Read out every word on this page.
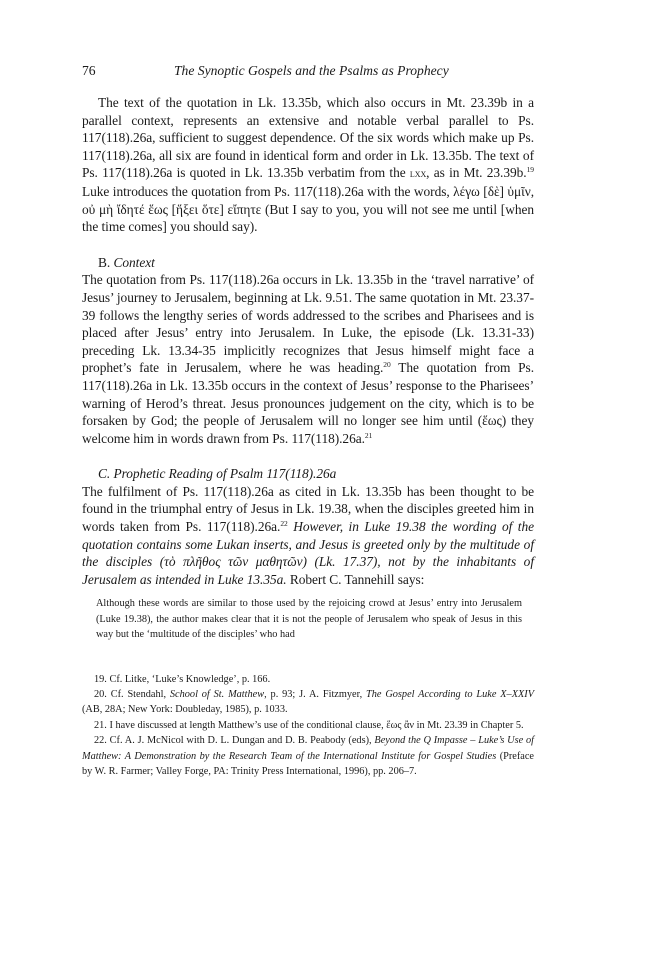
76	The Synoptic Gospels and the Psalms as Prophecy

The text of the quotation in Lk. 13.35b, which also occurs in Mt. 23.39b in a parallel context, represents an extensive and notable verbal parallel to Ps. 117(118).26a, sufficient to suggest dependence. Of the six words which make up Ps. 117(118).26a, all six are found in identical form and order in Lk. 13.35b. The text of Ps. 117(118).26a is quoted in Lk. 13.35b verbatim from the lxx, as in Mt. 23.39b.$^{19}$ Luke introduces the quotation from Ps. 117(118).26a with the words, λέγω [δὲ] ὑμῖν, οὐ μὴ ἴδητέ ἕως [ἥξει ὅτε] εἴπητε (But I say to you, you will not see me until [when the time comes] you should say).

B. Context

The quotation from Ps. 117(118).26a occurs in Lk. 13.35b in the ‘travel narrative’ of Jesus’ journey to Jerusalem, beginning at Lk. 9.51. The same quotation in Mt. 23.37-39 follows the lengthy series of words addressed to the scribes and Pharisees and is placed after Jesus’ entry into Jerusalem. In Luke, the episode (Lk. 13.31-33) preceding Lk. 13.34-35 implicitly recognizes that Jesus himself might face a prophet’s fate in Jerusalem, where he was heading.$^{20}$ The quotation from Ps. 117(118).26a in Lk. 13.35b occurs in the context of Jesus’ response to the Pharisees’ warning of Herod’s threat. Jesus pronounces judgement on the city, which is to be forsaken by God; the people of Jerusalem will no longer see him until (ἕως) they welcome him in words drawn from Ps. 117(118).26a.$^{21}$

C. Prophetic Reading of Psalm 117(118).26a

The fulfilment of Ps. 117(118).26a as cited in Lk. 13.35b has been thought to be found in the triumphal entry of Jesus in Lk. 19.38, when the disciples greeted him in words taken from Ps. 117(118).26a.$^{22}$ However, in Luke 19.38 the wording of the quotation contains some Lukan inserts, and Jesus is greeted only by the multitude of the disciples (τὸ πλῆθος τῶν μαθητῶν) (Lk. 17.37), not by the inhabitants of Jerusalem as intended in Luke 13.35a. Robert C. Tannehill says:

Although these words are similar to those used by the rejoicing crowd at Jesus’ entry into Jerusalem (Luke 19.38), the author makes clear that it is not the people of Jerusalem who speak of Jesus in this way but the ‘multitude of the disciples’ who had

19. Cf. Litke, ‘Luke’s Knowledge’, p. 166.

20. Cf. Stendahl, School of St. Matthew, p. 93; J. A. Fitzmyer, The Gospel According to Luke X–XXIV (AB, 28A; New York: Doubleday, 1985), p. 1033.

21. I have discussed at length Matthew’s use of the conditional clause, ἕως ἂν in Mt. 23.39 in Chapter 5.

22. Cf. A. J. McNicol with D. L. Dungan and D. B. Peabody (eds), Beyond the Q Impasse – Luke’s Use of Matthew: A Demonstration by the Research Team of the International Institute for Gospel Studies (Preface by W. R. Farmer; Valley Forge, PA: Trinity Press International, 1996), pp. 206–7.
